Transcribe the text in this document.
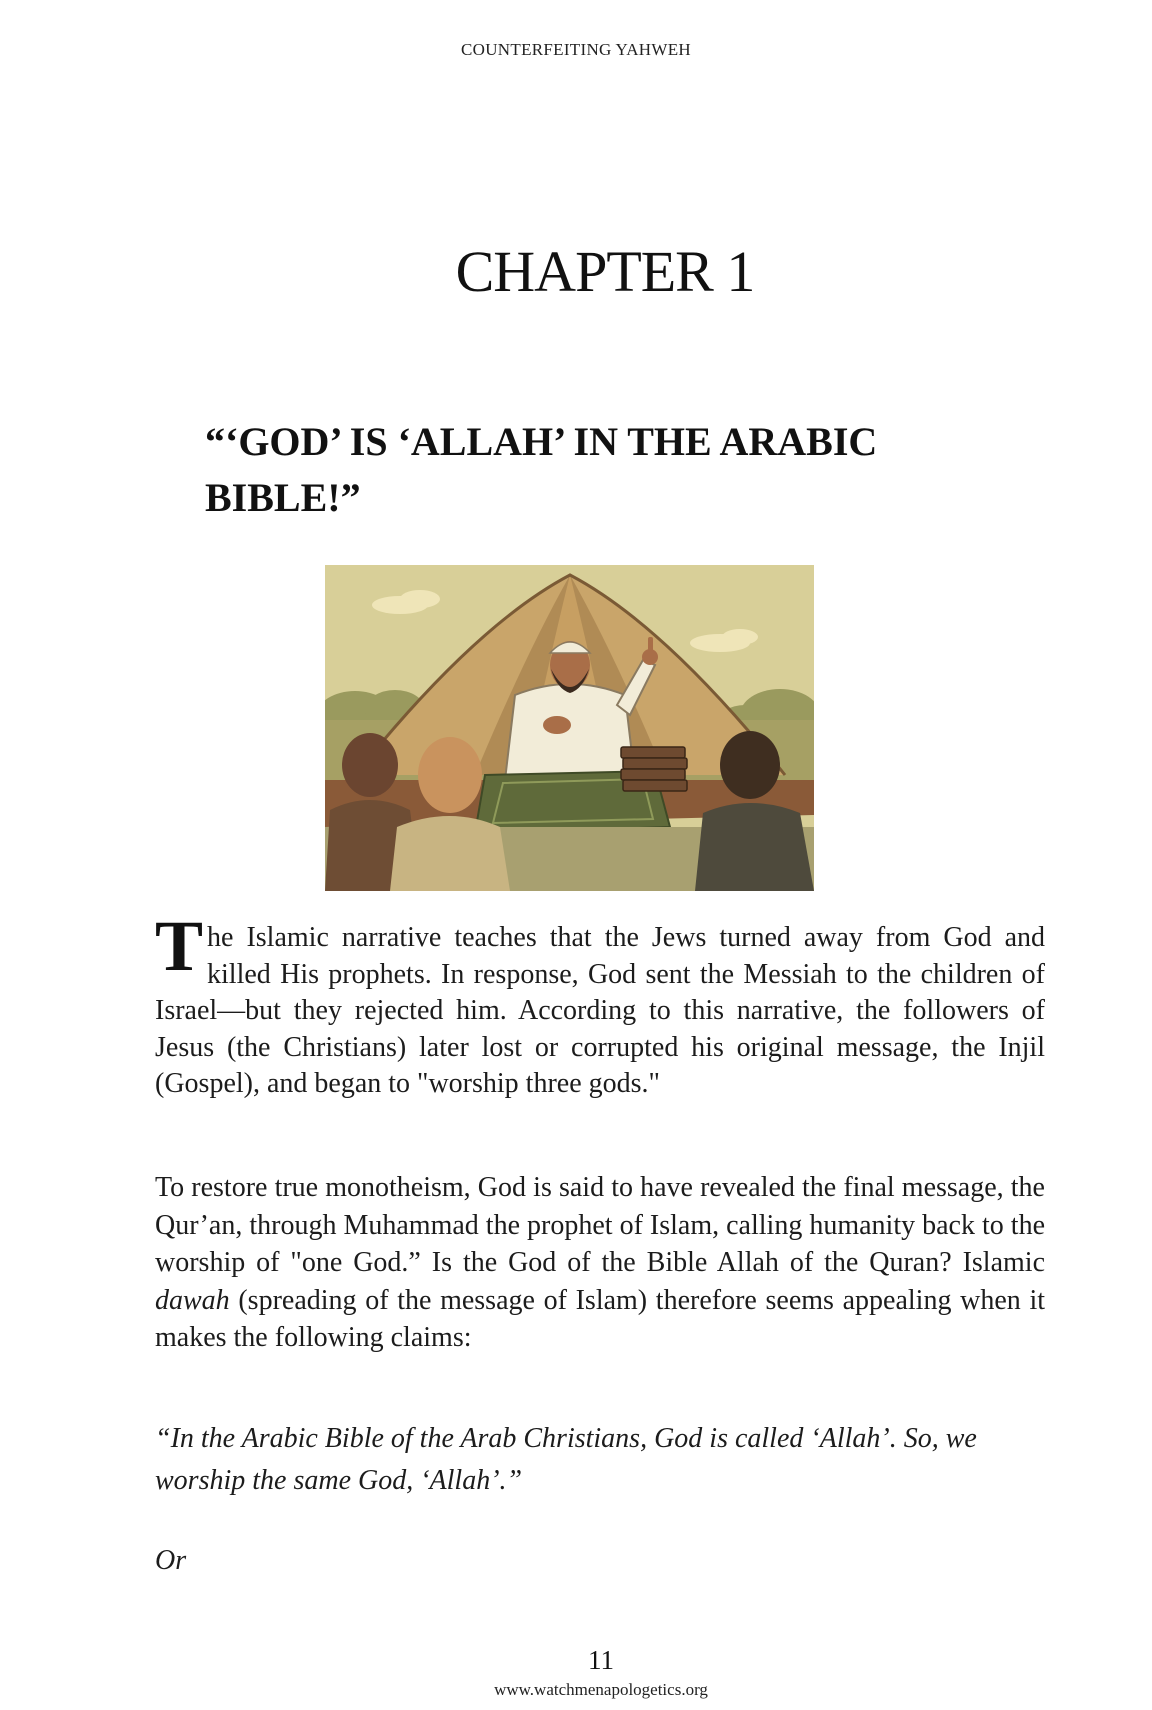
COUNTERFEITING YAHWEH
CHAPTER 1
“‘GOD’ IS ‘ALLAH’ IN THE ARABIC
BIBLE!”

The Islamic narrative teaches that the Jews turned away from God and killed His prophets. In response, God sent the Messiah to the children of Israel—but they rejected him. According to this narrative, the followers of Jesus (the Christians) later lost or corrupted his original message, the Injil (Gospel), and began to "worship three gods."

To restore true monotheism, God is said to have revealed the final message, the Qur’an, through Muhammad the prophet of Islam, calling humanity back to the worship of "one God.” Is the God of the Bible Allah of the Quran? Islamic dawah (spreading of the message of Islam) therefore seems appealing when it makes the following claims:

“In the Arabic Bible of the Arab Christians, God is called ‘Allah’. So, we worship the same God, ‘Allah’.”

Or

11
www.watchmenapologetics.org
